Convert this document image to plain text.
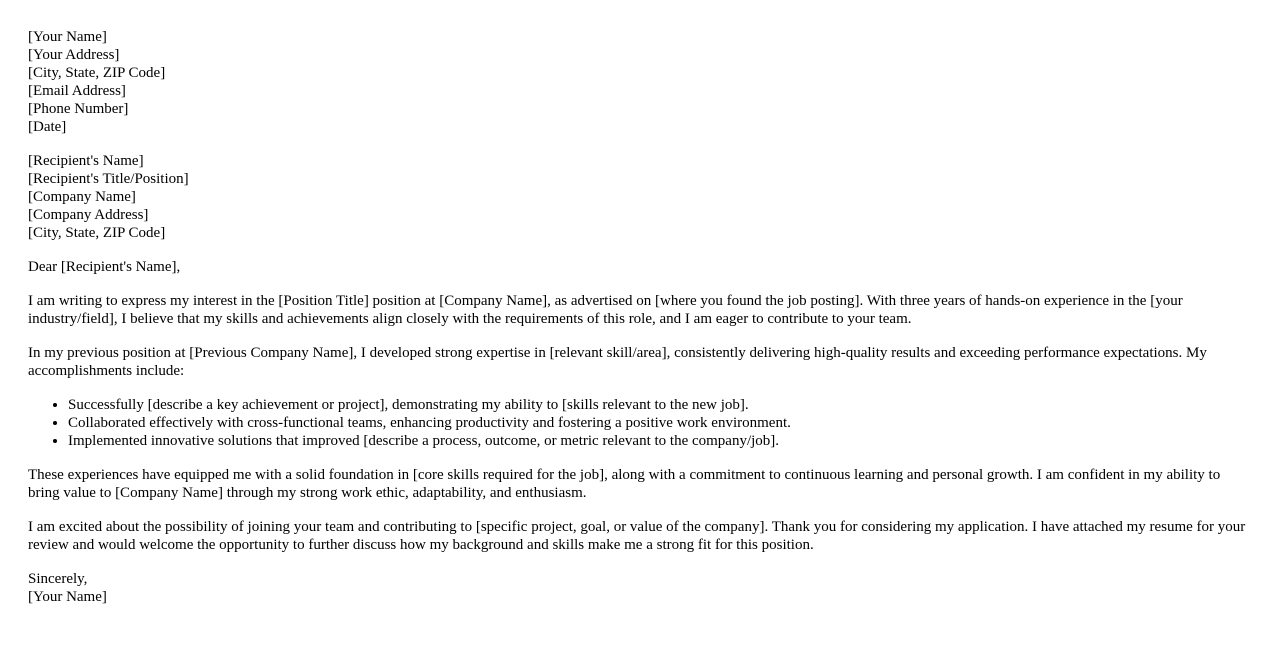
[Your Name]
[Your Address]
[City, State, ZIP Code]
[Email Address]
[Phone Number]
[Date]
[Recipient's Name]
[Recipient's Title/Position]
[Company Name]
[Company Address]
[City, State, ZIP Code]

Dear [Recipient's Name],

I am writing to express my interest in the [Position Title] position at [Company Name], as advertised on [where you found the job posting]. With three years of hands-on experience in the [your industry/field], I believe that my skills and achievements align closely with the requirements of this role, and I am eager to contribute to your team.

In my previous position at [Previous Company Name], I developed strong expertise in [relevant skill/area], consistently delivering high-quality results and exceeding performance expectations. My accomplishments include:

• Successfully [describe a key achievement or project], demonstrating my ability to [skills relevant to the new job].
• Collaborated effectively with cross-functional teams, enhancing productivity and fostering a positive work environment.
• Implemented innovative solutions that improved [describe a process, outcome, or metric relevant to the company/job].

These experiences have equipped me with a solid foundation in [core skills required for the job], along with a commitment to continuous learning and personal growth. I am confident in my ability to bring value to [Company Name] through my strong work ethic, adaptability, and enthusiasm.

I am excited about the possibility of joining your team and contributing to [specific project, goal, or value of the company]. Thank you for considering my application. I have attached my resume for your review and would welcome the opportunity to further discuss how my background and skills make me a strong fit for this position.

Sincerely,
[Your Name]
